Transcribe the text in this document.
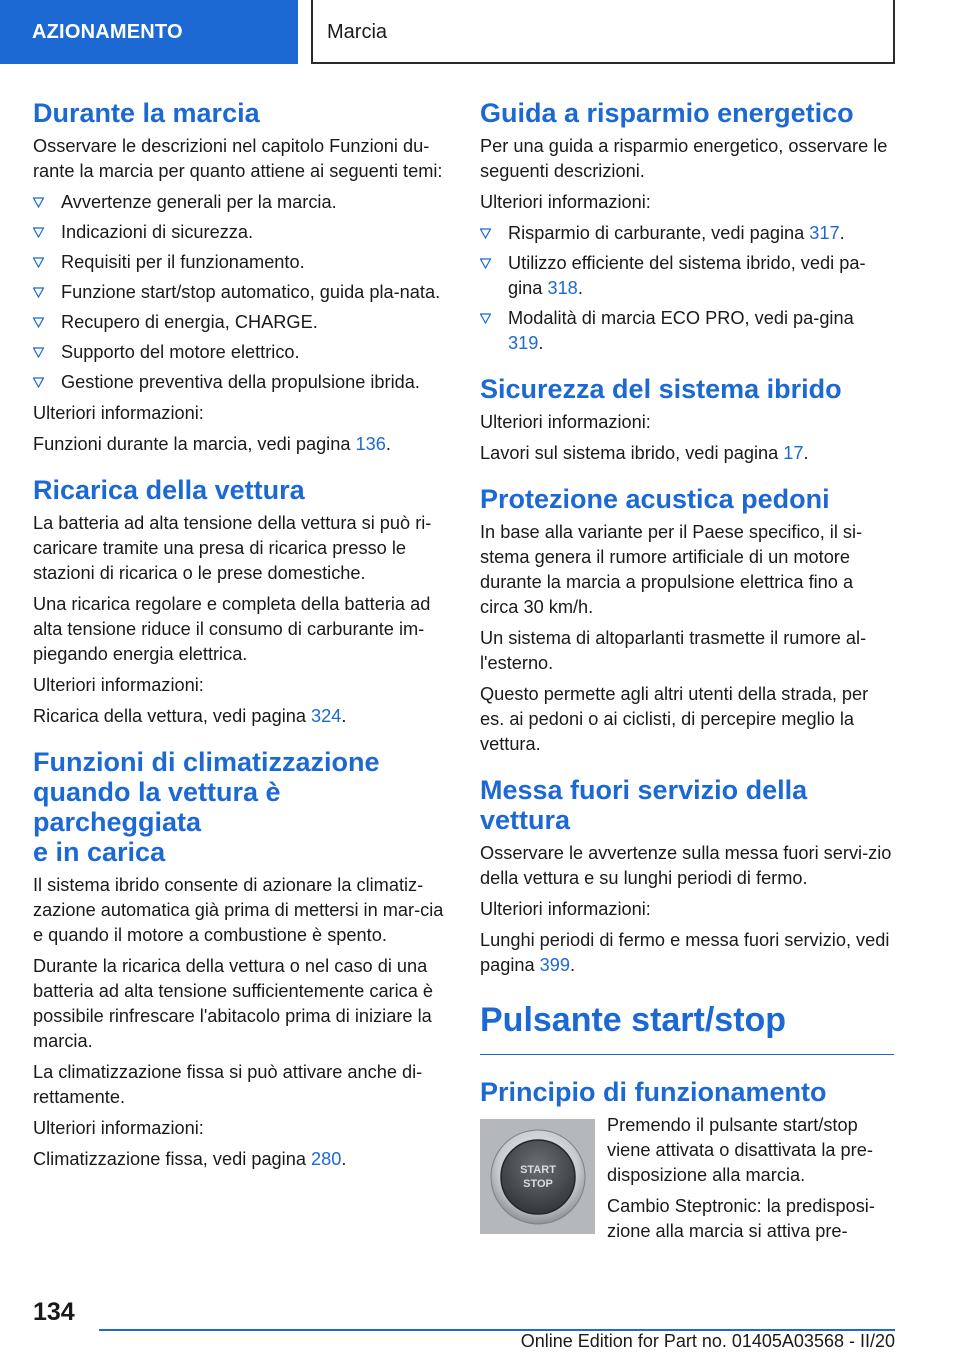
AZIONAMENTO	Marcia
Durante la marcia

Osservare le descrizioni nel capitolo Funzioni du-rante la marcia per quanto attiene ai seguenti temi:

Avvertenze generali per la marcia.
Indicazioni di sicurezza.
Requisiti per il funzionamento.
Funzione start/stop automatico, guida pla-nata.
Recupero di energia, CHARGE.
Supporto del motore elettrico.
Gestione preventiva della propulsione ibrida.

Ulteriori informazioni:

Funzioni durante la marcia, vedi pagina 136.

Ricarica della vettura

La batteria ad alta tensione della vettura si può ri-caricare tramite una presa di ricarica presso le stazioni di ricarica o le prese domestiche.

Una ricarica regolare e completa della batteria ad alta tensione riduce il consumo di carburante im-piegando energia elettrica.

Ulteriori informazioni:

Ricarica della vettura, vedi pagina 324.

Funzioni di climatizzazione
quando la vettura è parcheggiata
e in carica

Il sistema ibrido consente di azionare la climatiz-zazione automatica già prima di mettersi in mar-cia e quando il motore a combustione è spento.

Durante la ricarica della vettura o nel caso di una batteria ad alta tensione sufficientemente carica è possibile rinfrescare l'abitacolo prima di iniziare la marcia.

La climatizzazione fissa si può attivare anche di-rettamente.

Ulteriori informazioni:

Climatizzazione fissa, vedi pagina 280.

Guida a risparmio energetico

Per una guida a risparmio energetico, osservare le seguenti descrizioni.

Ulteriori informazioni:

Risparmio di carburante, vedi pagina 317.
Utilizzo efficiente del sistema ibrido, vedi pa-gina 318.
Modalità di marcia ECO PRO, vedi pa-gina 319.
Sicurezza del sistema ibrido

Ulteriori informazioni:

Lavori sul sistema ibrido, vedi pagina 17.

Protezione acustica pedoni

In base alla variante per il Paese specifico, il si-stema genera il rumore artificiale di un motore durante la marcia a propulsione elettrica fino a circa 30 km/h.

Un sistema di altoparlanti trasmette il rumore al-l'esterno.

Questo permette agli altri utenti della strada, per es. ai pedoni o ai ciclisti, di percepire meglio la vettura.

Messa fuori servizio della vettura

Osservare le avvertenze sulla messa fuori servi-zio della vettura e su lunghi periodi di fermo.

Ulteriori informazioni:

Lunghi periodi di fermo e messa fuori servizio, vedi pagina 399.

Pulsante start/stop
Principio di funzionamento
START
STOP

Premendo il pulsante start/stop viene attivata o disattivata la pre-disposizione alla marcia.

Cambio Steptronic: la predisposi-zione alla marcia si attiva pre-

134
Online Edition for Part no. 01405A03568 - II/20
